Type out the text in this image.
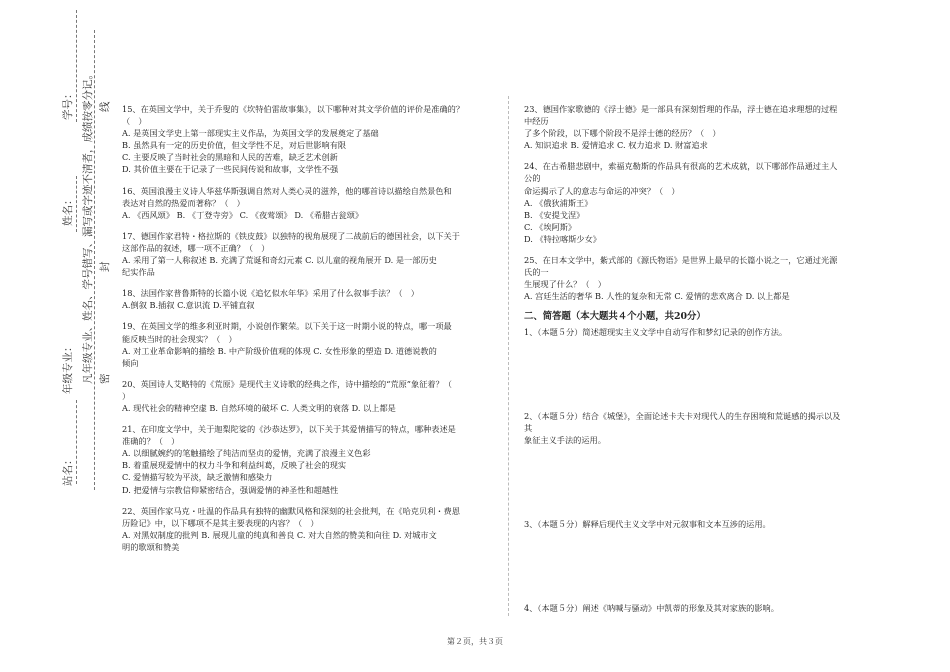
学号：
姓名：
年级专业：
站名：
凡年级专业、姓名、学号错写、漏写或字迹不清者，成绩按零分记。 线
封
密

15、在英国文学中，关于乔叟的《坎特伯雷故事集》，以下哪种对其文学价值的评价是准确的？

（　）

A. 是英国文学史上第一部现实主义作品，为英国文学的发展奠定了基础

B. 虽然具有一定的历史价值，但文学性不足，对后世影响有限

C. 主要反映了当时社会的黑暗和人民的苦难，缺乏艺术创新

D. 其价值主要在于记录了一些民间传说和故事，文学性不强

16、英国浪漫主义诗人华兹华斯强调自然对人类心灵的滋养，他的哪首诗以描绘自然景色和

表达对自然的热爱而著称？（　）

A. 《西风颂》 B. 《丁登寺旁》 C. 《夜莺颂》 D. 《希腊古瓮颂》

17、德国作家君特・格拉斯的《铁皮鼓》以独特的视角展现了二战前后的德国社会，以下关于

这部作品的叙述，哪一项不正确？（　）

A. 采用了第一人称叙述 B. 充满了荒诞和奇幻元素 C. 以儿童的视角展开 D. 是一部历史

纪实作品

18、法国作家普鲁斯特的长篇小说《追忆似水年华》采用了什么叙事手法？（　）

A.倒叙 B.插叙 C.意识流 D.平铺直叙

19、在英国文学的维多利亚时期，小说创作繁荣。以下关于这一时期小说的特点，哪一项最

能反映当时的社会现实？（　）

A. 对工业革命影响的描绘 B. 中产阶级价值观的体现 C. 女性形象的塑造 D. 道德说教的

倾向

20、英国诗人艾略特的《荒原》是现代主义诗歌的经典之作，诗中描绘的“荒原”象征着？（

）

A. 现代社会的精神空虚 B. 自然环境的破坏 C. 人类文明的衰落 D. 以上都是

21、在印度文学中，关于迦梨陀娑的《沙恭达罗》，以下关于其爱情描写的特点，哪种表述是

准确的？（　）

A. 以细腻婉约的笔触描绘了纯洁而坚贞的爱情，充满了浪漫主义色彩

B. 着重展现爱情中的权力斗争和利益纠葛，反映了社会的现实

C. 爱情描写较为平淡，缺乏激情和感染力

D. 把爱情与宗教信仰紧密结合，强调爱情的神圣性和超越性

22、英国作家马克・吐温的作品具有独特的幽默风格和深刻的社会批判，在《哈克贝利・费恩

历险记》中，以下哪项不是其主要表现的内容？（　）

A. 对黑奴制度的批判 B. 展现儿童的纯真和善良 C. 对大自然的赞美和向往 D. 对城市文

明的歌颂和赞美

23、德国作家歌德的《浮士德》是一部具有深刻哲理的作品，浮士德在追求理想的过程中经历

了多个阶段，以下哪个阶段不是浮士德的经历？（　）

A. 知识追求 B. 爱情追求 C. 权力追求 D. 财富追求

24、在古希腊悲剧中，索福克勒斯的作品具有很高的艺术成就，以下哪部作品通过主人公的

命运揭示了人的意志与命运的冲突？（　）

A. 《俄狄浦斯王》

B. 《安提戈涅》

C. 《埃阿斯》

D. 《特拉喀斯少女》

25、在日本文学中，紫式部的《源氏物语》是世界上最早的长篇小说之一，它通过光源氏的一

生展现了什么？（　）

A. 宫廷生活的奢华 B. 人性的复杂和无常 C. 爱情的悲欢离合 D. 以上都是

二、简答题（本大题共４个小题，共20分）

1、（本题５分）简述超现实主义文学中自动写作和梦幻记录的创作方法。

2、（本题５分）结合《城堡》，全面论述卡夫卡对现代人的生存困境和荒诞感的揭示以及其

象征主义手法的运用。

3、（本题５分）解释后现代主义文学中对元叙事和文本互涉的运用。

4、（本题５分）阐述《呐喊与骚动》中凯蒂的形象及其对家族的影响。

第２页，共３页
